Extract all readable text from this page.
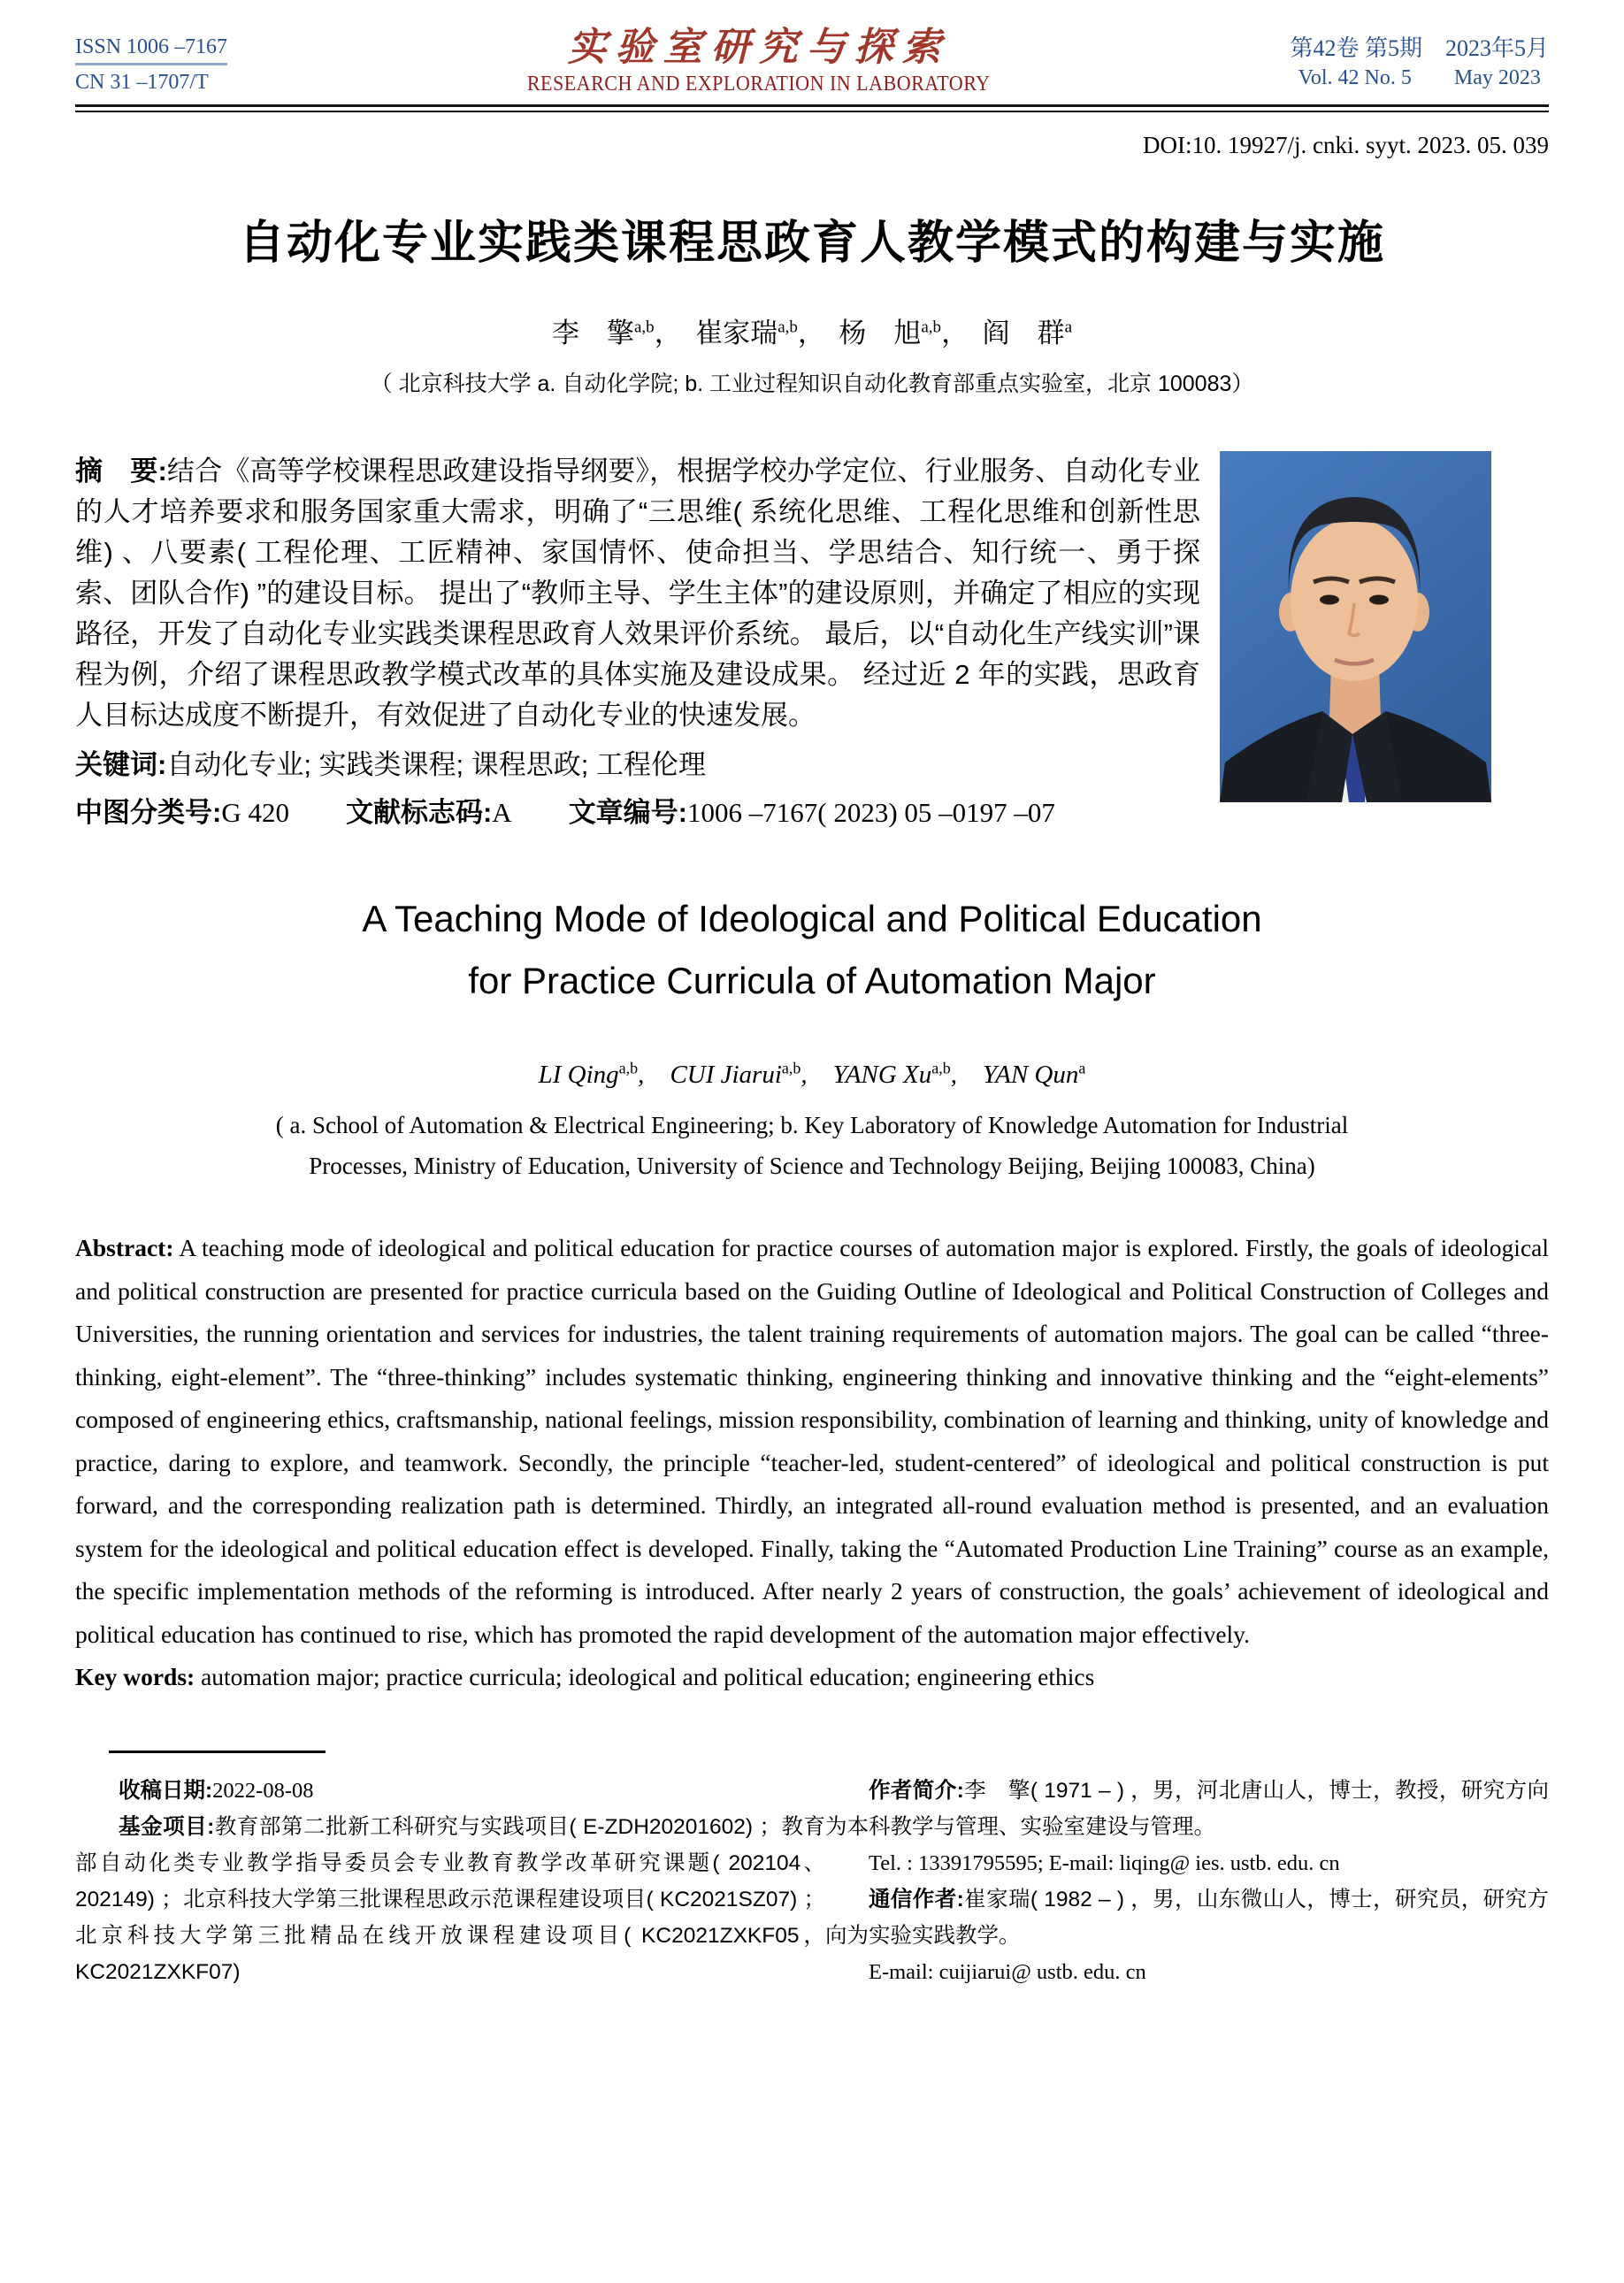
ISSN 1006 –7167
CN 31 –1707/T
实验室研究与探索
RESEARCH AND EXPLORATION IN LABORATORY
第42卷 第5期　2023年5月
Vol. 42 No. 5　　May 2023
DOI:10. 19927/j. cnki. syyt. 2023. 05. 039
自动化专业实践类课程思政育人教学模式的构建与实施
李　擎$^{a,b}$，　崔家瑞$^{a,b}$，　杨　旭$^{a,b}$，　阎　群$^a$
（ 北京科技大学 a. 自动化学院; b. 工业过程知识自动化教育部重点实验室，北京 100083）

摘　要:结合《高等学校课程思政建设指导纲要》，根据学校办学定位、行业服务、自动化专业的人才培养要求和服务国家重大需求，明确了“三思维( 系统化思维、工程化思维和创新性思维) 、八要素( 工程伦理、工匠精神、家国情怀、使命担当、学思结合、知行统一、勇于探索、团队合作) ”的建设目标。 提出了“教师主导、学生主体”的建设原则，并确定了相应的实现路径，开发了自动化专业实践类课程思政育人效果评价系统。 最后，以“自动化生产线实训”课程为例，介绍了课程思政教学模式改革的具体实施及建设成果。 经过近 2 年的实践，思政育人目标达成度不断提升，有效促进了自动化专业的快速发展。

关键词:自动化专业; 实践类课程; 课程思政; 工程伦理
中图分类号:G 420 文献标志码:A 文章编号:1006 –7167( 2023) 05 –0197 –07
A Teaching Mode of Ideological and Political Education
for Practice Curricula of Automation Major
LI Qing$^{a,b}$,　CUI Jiarui$^{a,b}$,　YANG Xu$^{a,b}$,　YAN Qun$^a$
( a. School of Automation & Electrical Engineering; b. Key Laboratory of Knowledge Automation for Industrial
Processes, Ministry of Education, University of Science and Technology Beijing, Beijing 100083, China)
Abstract: A teaching mode of ideological and political education for practice courses of automation major is explored. Firstly, the goals of ideological and political construction are presented for practice curricula based on the Guiding Outline of Ideological and Political Construction of Colleges and Universities, the running orientation and services for industries, the talent training requirements of automation majors. The goal can be called “three-thinking, eight-element”. The “three-thinking” includes systematic thinking, engineering thinking and innovative thinking and the “eight-elements” composed of engineering ethics, craftsmanship, national feelings, mission responsibility, combination of learning and thinking, unity of knowledge and practice, daring to explore, and teamwork. Secondly, the principle “teacher-led, student-centered” of ideological and political construction is put forward, and the corresponding realization path is determined. Thirdly, an integrated all-round evaluation method is presented, and an evaluation system for the ideological and political education effect is developed. Finally, taking the “Automated Production Line Training” course as an example, the specific implementation methods of the reforming is introduced. After nearly 2 years of construction, the goals’ achievement of ideological and political education has continued to rise, which has promoted the rapid development of the automation major effectively.
Key words: automation major; practice curricula; ideological and political education; engineering ethics

收稿日期:2022-08-08

基金项目:教育部第二批新工科研究与实践项目( E-ZDH20201602) ；教育部自动化类专业教学指导委员会专业教育教学改革研究课题( 202104、202149) ；北京科技大学第三批课程思政示范课程建设项目( KC2021SZ07) ；北京科技大学第三批精品在线开放课程建设项目( KC2021ZXKF05，KC2021ZXKF07)

作者简介:李　擎( 1971 – ) ，男，河北唐山人，博士，教授，研究方向为本科教学与管理、实验室建设与管理。

Tel. : 13391795595; E-mail: liqing@ ies. ustb. edu. cn

通信作者:崔家瑞( 1982 – ) ，男，山东微山人，博士，研究员，研究方向为实验实践教学。

E-mail: cuijiarui@ ustb. edu. cn
